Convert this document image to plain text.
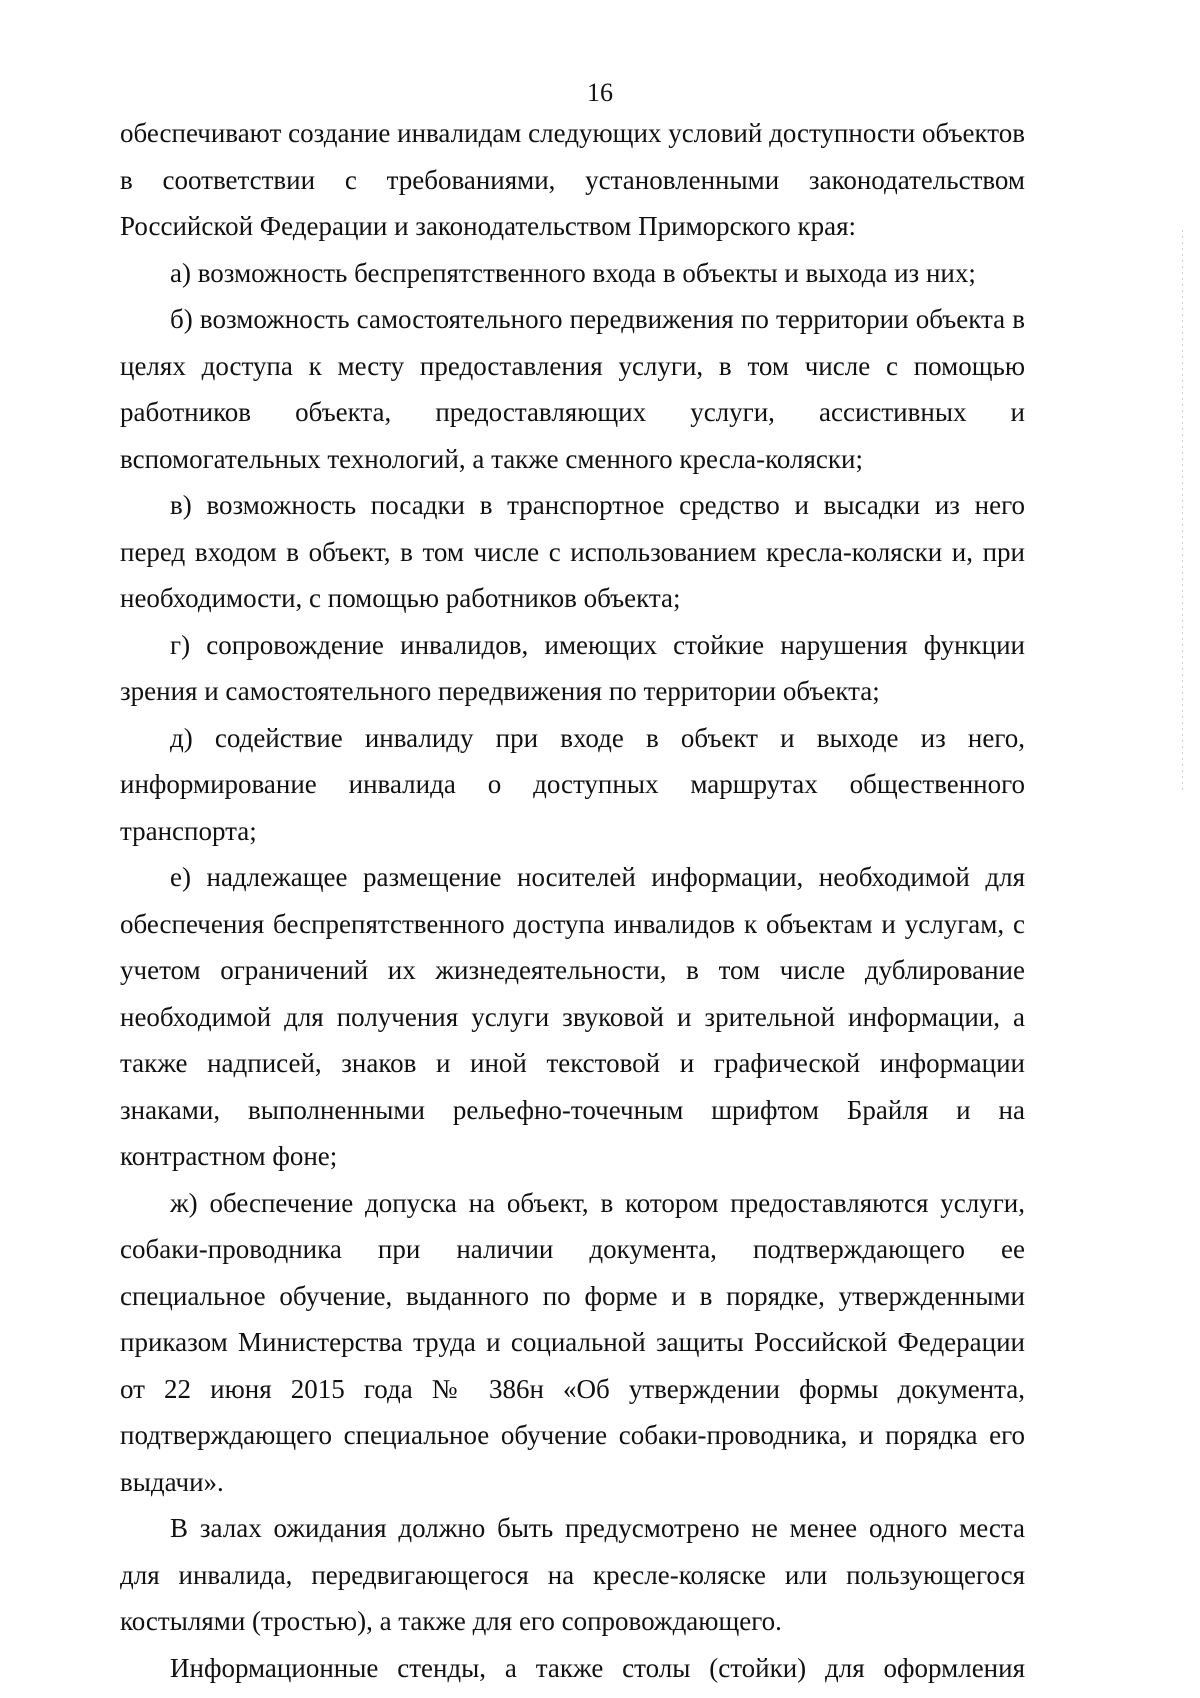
16

обеспечивают создание инвалидам следующих условий доступности объектов в соответствии с требованиями, установленными законодательством Российской Федерации и законодательством Приморского края:

а) возможность беспрепятственного входа в объекты и выхода из них;

б) возможность самостоятельного передвижения по территории объекта в целях доступа к месту предоставления услуги, в том числе с помощью работников объекта, предоставляющих услуги, ассистивных и вспомогательных технологий, а также сменного кресла-коляски;

в) возможность посадки в транспортное средство и высадки из него перед входом в объект, в том числе с использованием кресла-коляски и, при необходимости, с помощью работников объекта;

г) сопровождение инвалидов, имеющих стойкие нарушения функции зрения и самостоятельного передвижения по территории объекта;

д) содействие инвалиду при входе в объект и выходе из него, информирование инвалида о доступных маршрутах общественного транспорта;

е) надлежащее размещение носителей информации, необходимой для обеспечения беспрепятственного доступа инвалидов к объектам и услугам, с учетом ограничений их жизнедеятельности, в том числе дублирование необходимой для получения услуги звуковой и зрительной информации, а также надписей, знаков и иной текстовой и графической информации знаками, выполненными рельефно-точечным шрифтом Брайля и на контрастном фоне;

ж) обеспечение допуска на объект, в котором предоставляются услуги, собаки-проводника при наличии документа, подтверждающего ее специальное обучение, выданного по форме и в порядке, утвержденными приказом Министерства труда и социальной защиты Российской Федерации от 22 июня 2015 года № 386н «Об утверждении формы документа, подтверждающего специальное обучение собаки-проводника, и порядка его выдачи».

В залах ожидания должно быть предусмотрено не менее одного места для инвалида, передвигающегося на кресле-коляске или пользующегося костылями (тростью), а также для его сопровождающего.

Информационные стенды, а также столы (стойки) для оформления
